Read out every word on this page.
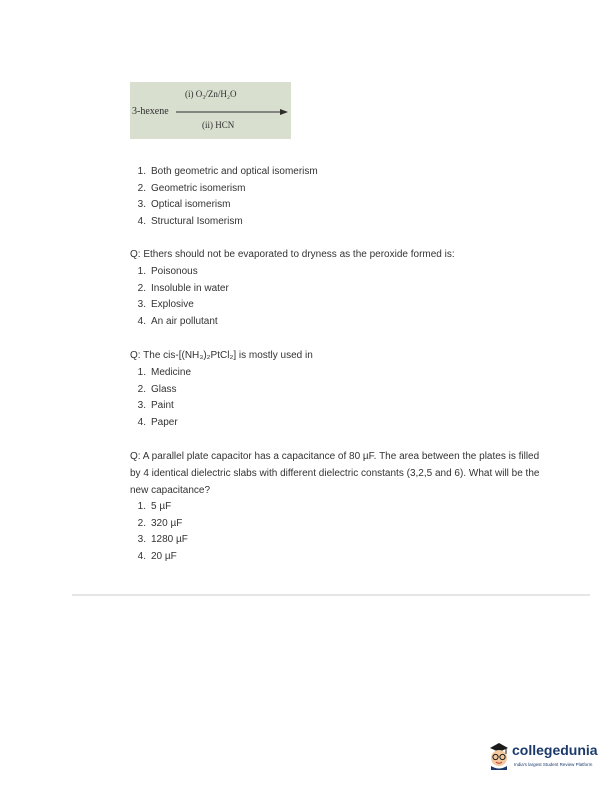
(i) O₃/Zn/H₂O
3-hexene
(ii) HCN
1. Both geometric and optical isomerism
2. Geometric isomerism
3. Optical isomerism
4. Structural Isomerism
Q: Ethers should not be evaporated to dryness as the peroxide formed is:
1. Poisonous
2. Insoluble in water
3. Explosive
4. An air pollutant
Q: The cis-[(NH₃)₂PtCl₂] is mostly used in
1. Medicine
2. Glass
3. Paint
4. Paper
Q: A parallel plate capacitor has a capacitance of 80 µF. The area between the plates is filled by 4 identical dielectric slabs with different dielectric constants (3,2,5 and 6). What will be the new capacitance?
1. 5 µF
2. 320 µF
3. 1280 µF
4. 20 µF
collegedunia
India's largest Student Review Platform
